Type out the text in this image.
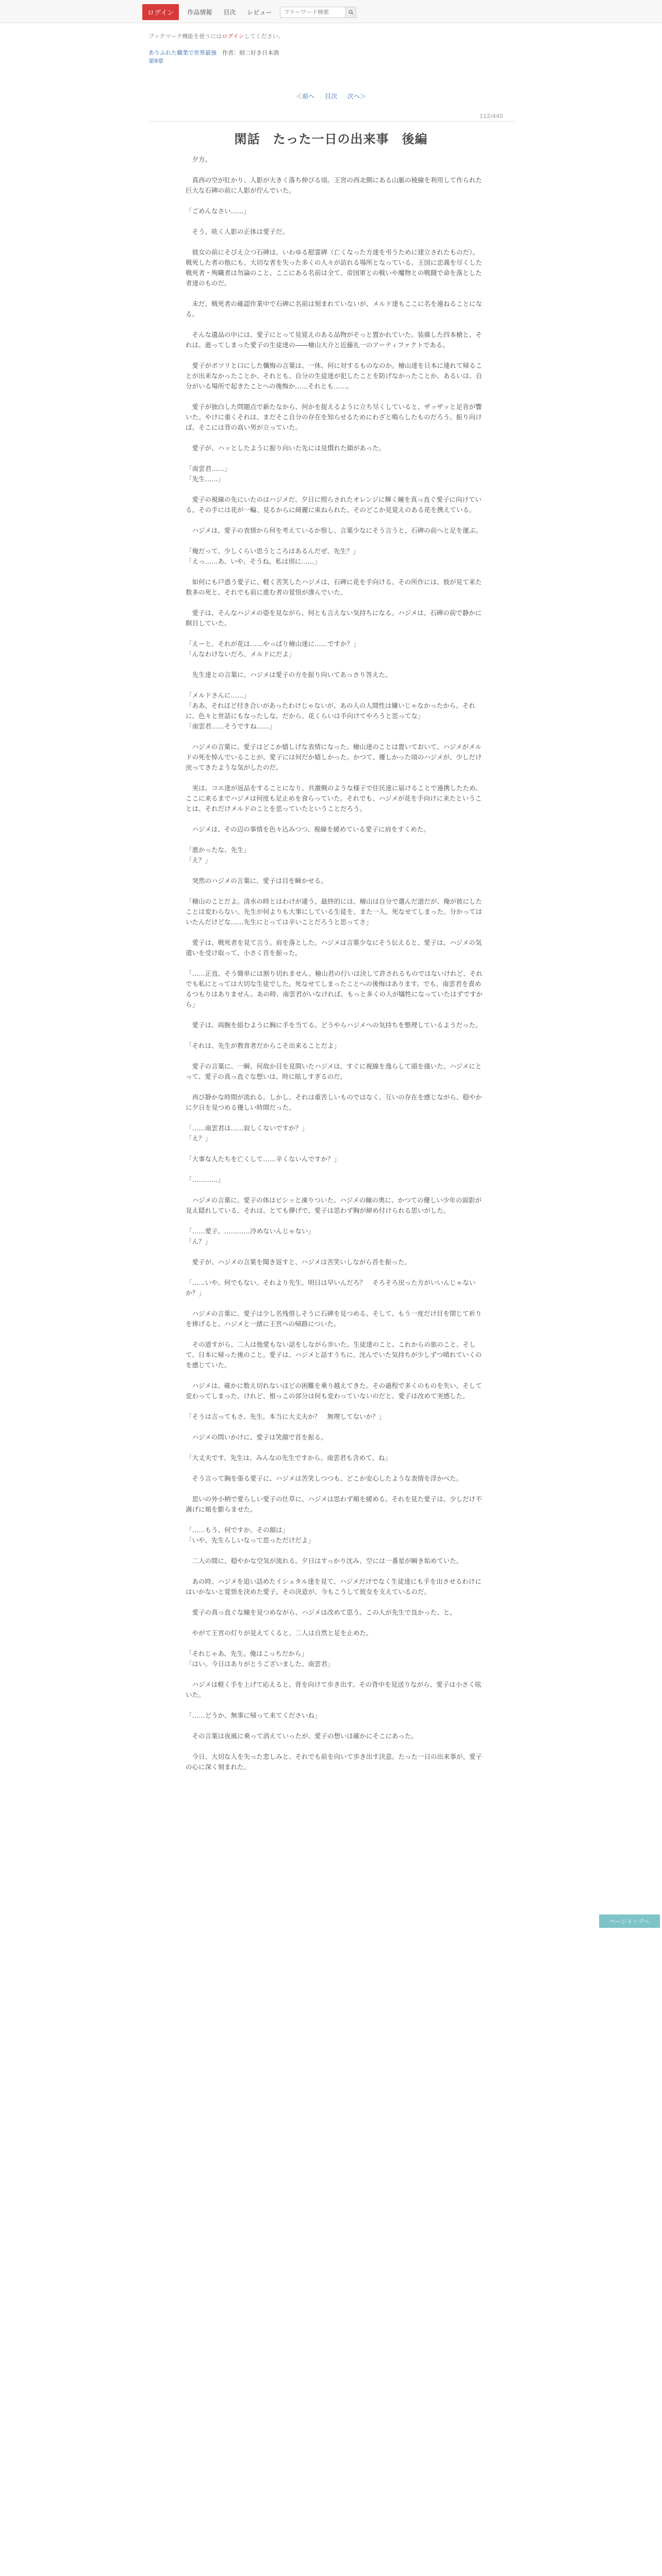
ログイン	作品情報	目次	レビュー
フリーワード検索
ブックマーク機能を使うにはログインしてください。
ありふれた職業で世界最強　 作者：厨二好き日本酒
第9章
＜前へ 目次 次へ＞
112/440
閑話　たった一日の出来事　後編

　夕方。

　真西の空が紅かり、人影が大きく落ち伸びる頃。王宮の西北側にある山脈の稜線を利用して作られた巨大な石碑の前に人影が佇んでいた。

「ごめんなさい……」

　そう、呟く人影の正体は愛子だ。

　彼女の前にそびえ立つ石碑は、いわゆる慰霊碑（亡くなった方達を弔うために建立されたものだ）。戦死した者の他にも、大切な者を失った多くの人々が訪れる場所となっている。王国に忠義を尽くした戦死者・殉職者は勿論のこと、ここにある名前は全て、帝国軍との戦いや魔物との戦闘で命を落とした者達のものだ。

　未だ、戦死者の確認作業中で石碑に名前は刻まれていないが、メルド達もここに名を連ねることになる。

　そんな遺品の中には、愛子にとって見覚えのある品物がそっと置かれていた。装備した四本槍と、それは、逝ってしまった愛子の生徒達の――檜山大介と近藤礼一のアーティファクトである。

　愛子がポツリと口にした懺悔の言葉は、一体、何に対するものなのか。檜山達を日本に連れて帰ることが出来なかったことか、それとも、自分の生徒達が犯したことを防げなかったことか、あるいは、自分がいる場所で起きたことへの後悔か……それとも……。

　愛子が独白した問題点で新たなから、何かを捉えるように立ち尽くしていると、ザッザッと足音が響いた。やけに重くそれは、まだそこ自分の存在を知らせるためにわざと鳴らしたものだろう。振り向けば、そこには背の高い男が立っていた。

　愛子が、ハッとしたように振り向いた先には見慣れた顔があった。

「南雲君……」
「先生……」

　愛子の視線の先にいたのはハジメだ。夕日に照らされたオレンジに輝く瞳を真っ直ぐ愛子に向けている。その手には花が一輪、見るからに綺麗に束ねられた、そのどこか見覚えのある花を携えている。

　ハジメは、愛子の表情から何を考えているか察し、言葉少なにそう言うと、石碑の前へと足を運ぶ。

「俺だって、少しくらい思うところはあるんだぜ、先生？」
「えっ……あ、いや、そうね。私は別に……」

　如何にも戸惑う愛子に、軽く苦笑したハジメは、石碑に花を手向ける。その所作には、彼が見て来た数多の死と、それでも前に進む者の覚悟が滲んでいた。

　愛子は、そんなハジメの姿を見ながら、何とも言えない気持ちになる。ハジメは、石碑の前で静かに瞑目していた。

「えーと、それが花は……やっぱり檜山達に……ですか？」
「んなわけないだろ、メルドにだよ」

　先生達との言葉に、ハジメは愛子の方を振り向いてあっさり答えた。

「メルドさんに……」
「ああ、それほど付き合いがあったわけじゃないが、あの人の人間性は嫌いじゃなかったから。それに、色々と世話にもなったしな。だから、花くらいは手向けてやろうと思ってな」
「南雲君……そうですね……」

　ハジメの言葉に、愛子はどこか嬉しげな表情になった。檜山達のことは置いておいて、ハジメがメルドの死を悼んでいることが、愛子には何だか嬉しかった。かつて、優しかった頃のハジメが、少しだけ戻ってきたような気がしたのだ。

　実は、コエ達が返品をすることになり、共激戦のような様子で住民達に届けることで連携したため、ここに来るまでハジメは何度も足止めを食らっていた。それでも、ハジメが花を手向けに来たということは、それだけメルドのことを思っていたということだろう。

　ハジメは、その辺の事情を色々込みつつ、視線を緩めている愛子に肩をすくめた。

「悪かったな、先生」
「え？」

　突然のハジメの言葉に、愛子は目を瞬かせる。

「檜山のことだよ。清水の時とはわけが違う。最終的には、檜山は自分で選んだ道だが、俺が彼にしたことは変わらない。先生が何よりも大事にしている生徒を、また一人、死なせてしまった。分かってはいたんだけどな……先生にとっては辛いことだろうと思ってさ」

　愛子は、戦死者を見て言う。肩を落とした。ハジメは言葉少なにそう伝えると、愛子は、ハジメの気遣いを受け取って、小さく首を振った。

「……正直、そう簡単には割り切れません。檜山君の行いは決して許されるものではないけれど、それでも私にとっては大切な生徒でした。死なせてしまったことへの後悔はあります。でも、南雲君を責めるつもりはありません。あの時、南雲君がいなければ、もっと多くの人が犠牲になっていたはずですから」

　愛子は、両腕を組むように胸に手を当てる。どうやらハジメへの気持ちを整理しているようだった。

「それは、先生が教育者だからこそ出来ることだよ」

　愛子の言葉に、一瞬、何故か目を見開いたハジメは、すぐに視線を逸らして頭を掻いた。ハジメにとって、愛子の真っ直ぐな想いは、時に眩しすぎるのだ。

　再び静かな時間が流れる。しかし、それは重苦しいものではなく、互いの存在を感じながら、穏やかに夕日を見つめる優しい時間だった。

「……南雲君は……寂しくないですか？」
「え？」

「大事な人たちを亡くして……辛くないんですか？」

「…………」

　ハジメの言葉に、愛子の体はピシッと凍りついた。ハジメの瞳の奥に、かつての優しい少年の面影が見え隠れしている。それは、とても儚げで、愛子は思わず胸が締め付けられる思いがした。

「……愛子、…………冷めないんじゃない」
「ん？」

　愛子が、ハジメの言葉を聞き返すと、ハジメは苦笑いしながら首を振った。

「……いや、何でもない。それより先生、明日は早いんだろ？　そろそろ戻った方がいいんじゃないか？」

　ハジメの言葉に、愛子は少し名残惜しそうに石碑を見つめる。そして、もう一度だけ目を閉じて祈りを捧げると、ハジメと一緒に王宮への帰路についた。

　その道すがら、二人は他愛もない話をしながら歩いた。生徒達のこと、これからの旅のこと、そして、日本に帰った後のこと。愛子は、ハジメと話すうちに、沈んでいた気持ちが少しずつ晴れていくのを感じていた。

　ハジメは、確かに数え切れないほどの困難を乗り越えてきた。その過程で多くのものを失い、そして変わってしまった。けれど、根っこの部分は何も変わっていないのだと、愛子は改めて実感した。

「そうは言ってもさ、先生。本当に大丈夫か？　無理してないか？」

　ハジメの問いかけに、愛子は笑顔で首を振る。

「大丈夫です。先生は、みんなの先生ですから。南雲君も含めて、ね」

　そう言って胸を張る愛子に、ハジメは苦笑しつつも、どこか安心したような表情を浮かべた。

　思いの外小柄で愛らしい愛子の仕草に、ハジメは思わず頬を緩める。それを見た愛子は、少しだけ不満げに頬を膨らませた。

「……もう、何ですか、その顔は」
「いや、先生らしいなって思っただけだよ」

　二人の間に、穏やかな空気が流れる。夕日はすっかり沈み、空には一番星が瞬き始めていた。

　あの時、ハジメを追い詰めたイシュタル達を見て、ハジメだけでなく生徒達にも手を出させるわけにはいかないと覚悟を決めた愛子。その決意が、今もこうして彼女を支えているのだ。

　愛子の真っ直ぐな瞳を見つめながら、ハジメは改めて思う。この人が先生で良かった、と。

　やがて王宮の灯りが見えてくると、二人は自然と足を止めた。

「それじゃあ、先生。俺はこっちだから」
「はい。今日はありがとうございました、南雲君」

　ハジメは軽く手を上げて応えると、背を向けて歩き出す。その背中を見送りながら、愛子は小さく呟いた。

「……どうか、無事に帰って来てくださいね」

　その言葉は夜風に乗って消えていったが、愛子の想いは確かにそこにあった。

　今日、大切な人を失った悲しみと、それでも前を向いて歩き出す決意。たった一日の出来事が、愛子の心に深く刻まれた。

ページトップへ
